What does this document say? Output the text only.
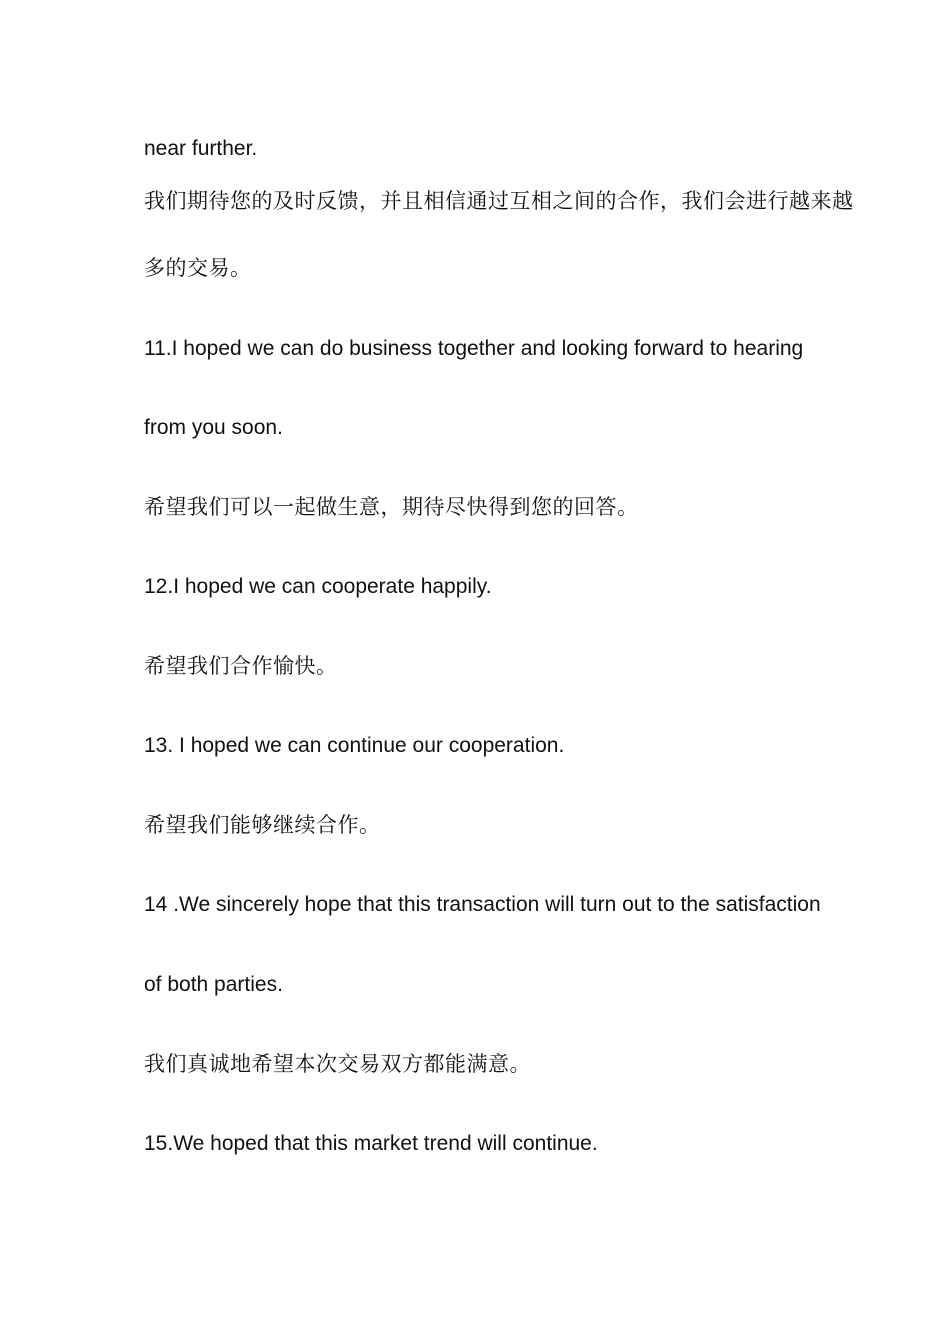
near further.
我们期待您的及时反馈，并且相信通过互相之间的合作，我们会进行越来越
多的交易。
11.I hoped we can do business together and looking forward to hearing
from you soon.
希望我们可以一起做生意，期待尽快得到您的回答。
12.I hoped we can cooperate happily.
希望我们合作愉快。
13. I hoped we can continue our cooperation.
希望我们能够继续合作。
14 .We sincerely hope that this transaction will turn out to the satisfaction
of both parties.
我们真诚地希望本次交易双方都能满意。
15.We hoped that this market trend will continue.
